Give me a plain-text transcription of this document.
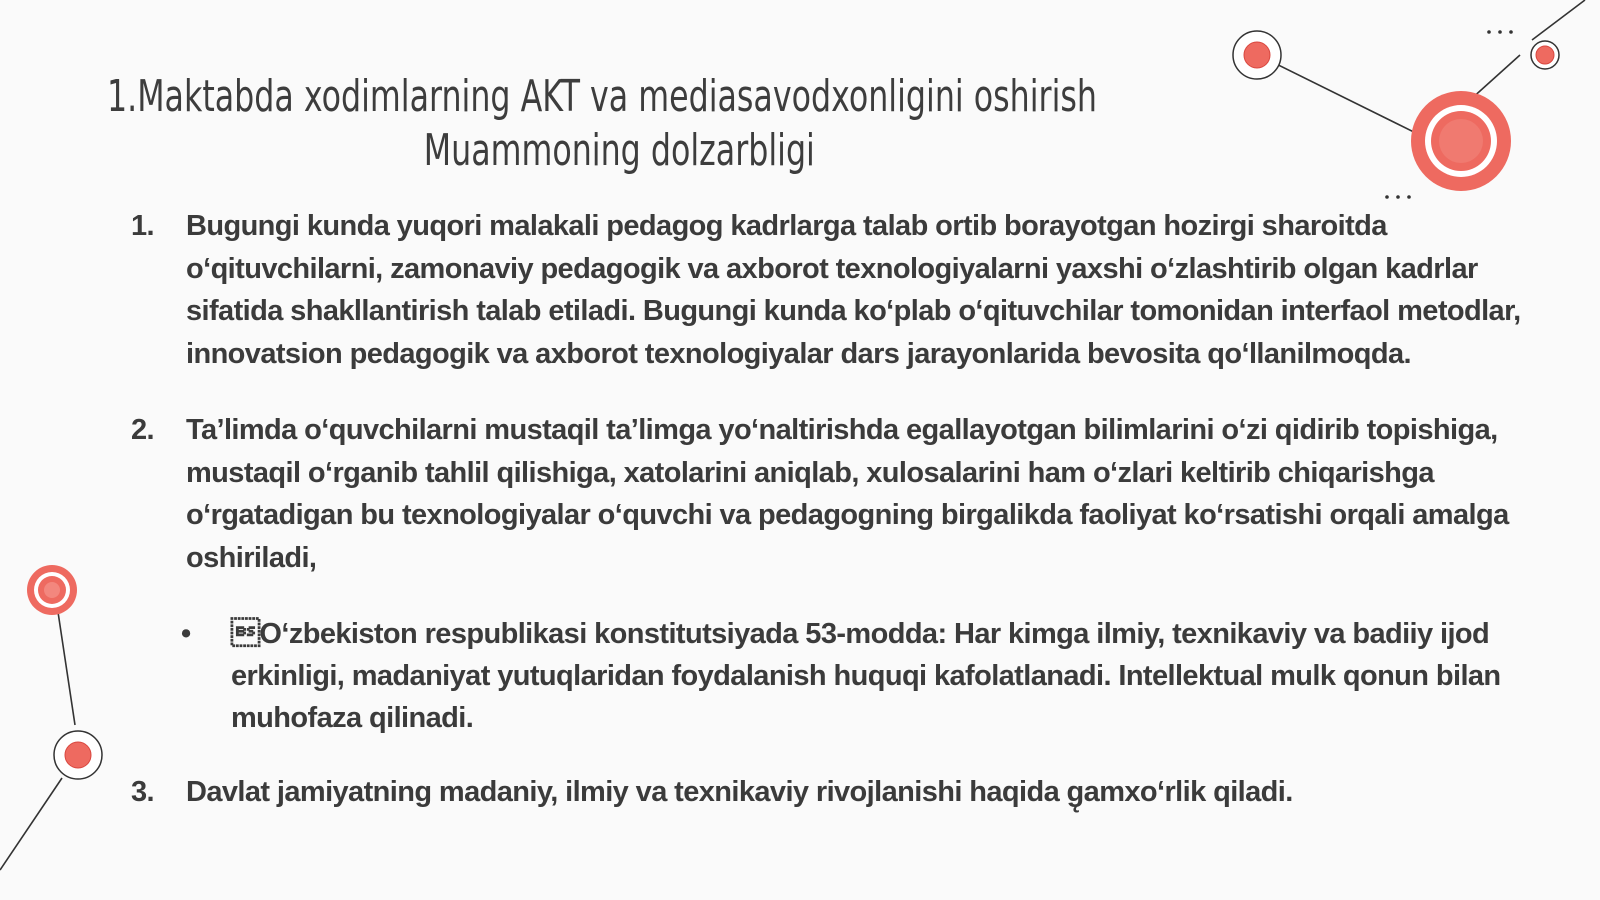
1.Maktabda xodimlarning AKT va mediasavodxonligini oshirish
Muammoning dolzarbligi
1. Bugungi kunda yuqori malakali pedagog kadrlarga talab ortib borayotgan hozirgi sharoitda o‘qituvchilarni, zamonaviy pedagogik va axborot texnologiyalarni yaxshi o‘zlashtirib olgan kadrlar sifatida shakllantirish talab etiladi. Bugungi kunda ko‘plab o‘qituvchilar tomonidan interfaol metodlar, innovatsion pedagogik va axborot texnologiyalar dars jarayonlarida bevosita qo‘llanilmoqda.
2. Ta’limda o‘quvchilarni mustaqil ta’limga yo‘naltirishda egallayotgan bilimlarini o‘zi qidirib topishiga, mustaqil o‘rganib tahlil qilishiga, xatolarini aniqlab, xulosalarini ham o‘zlari keltirib chiqarishga o‘rgatadigan bu texnologiyalar o‘quvchi va pedagogning birgalikda faoliyat ko‘rsatishi orqali amalga oshiriladi,
• O‘zbekiston respublikasi konstitutsiyada 53-modda: Har kimga ilmiy, texnikaviy va badiiy ijod erkinligi, madaniyat yutuqlaridan foydalanish huquqi kafolatlanadi. Intellektual mulk qonun bilan muhofaza qilinadi.
3. Davlat jamiyatning madaniy, ilmiy va texnikaviy rivojlanishi haqida g̨amxo‘rlik qiladi.
